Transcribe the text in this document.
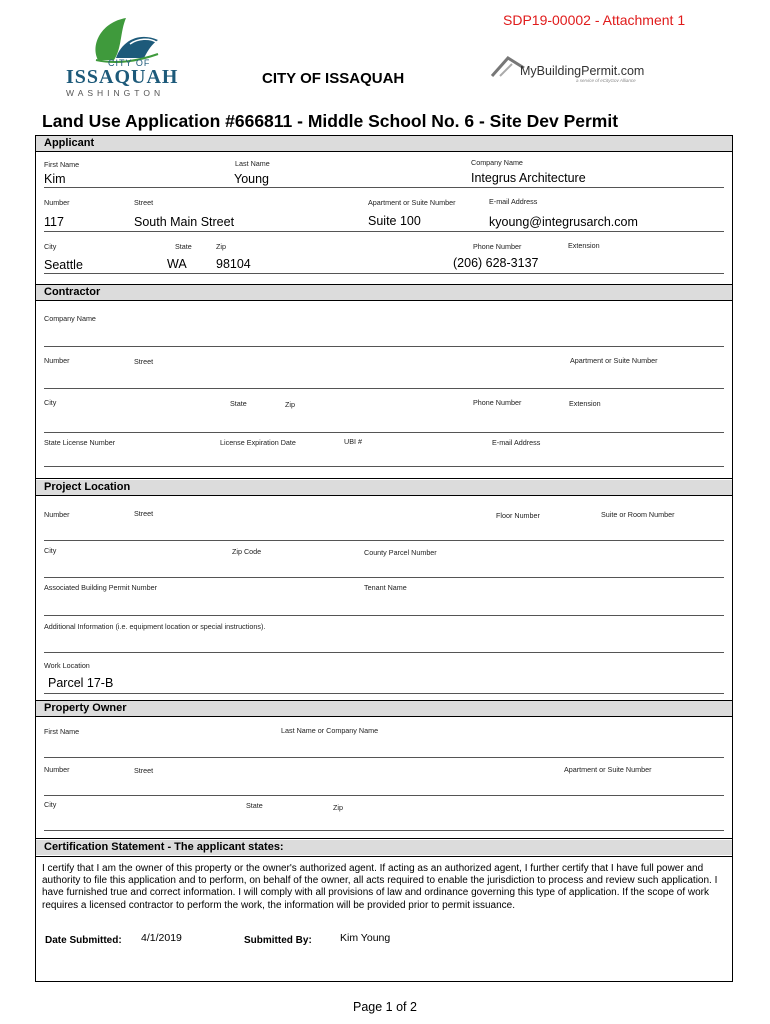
SDP19-00002 - Attachment 1
CITY OF
ISSAQUAH
WASHINGTON
CITY OF ISSAQUAH	MyBuildingPermit.com
a service of eCityGov Alliance
Land Use Application #666811 - Middle School No. 6 - Site Dev Permit
Applicant
First Name	Last Name	Company Name
Kim	Young	Integrus Architecture
Number	Street	Apartment or Suite Number	E-mail Address
117	South Main Street	Suite 100	kyoung@integrusarch.com
City	State	Zip	Phone Number	Extension
Seattle	WA 98104	(206) 628-3137
Contractor
Company Name
Number	Street	Apartment or Suite Number
City	State	Zip	Phone Number	Extension
State License Number	License Expiration Date	UBI #	E-mail Address
Project Location
Number	Street	Floor Number	Suite or Room Number
City	Zip Code	County Parcel Number
Associated Building Permit Number	Tenant Name
Additional Information (i.e. equipment location or special instructions).
Work Location
Parcel 17-B
Property Owner
First Name	Last Name or Company Name
Number	Street	Apartment or Suite Number
City	State	Zip
Certification Statement - The applicant states:
I certify that I am the owner of this property or the owner's authorized agent. If acting as an authorized agent, I further certify that I have full power and authority to file this application and to perform, on behalf of the owner, all acts required to enable the jurisdiction to process and review such application. I have furnished true and correct information. I will comply with all provisions of law and ordinance governing this type of application. If the scope of work requires a licensed contractor to perform the work, the information will be provided prior to permit issuance.
Date Submitted: 4/1/2019	Submitted By:	Kim Young
Page 1 of 2
